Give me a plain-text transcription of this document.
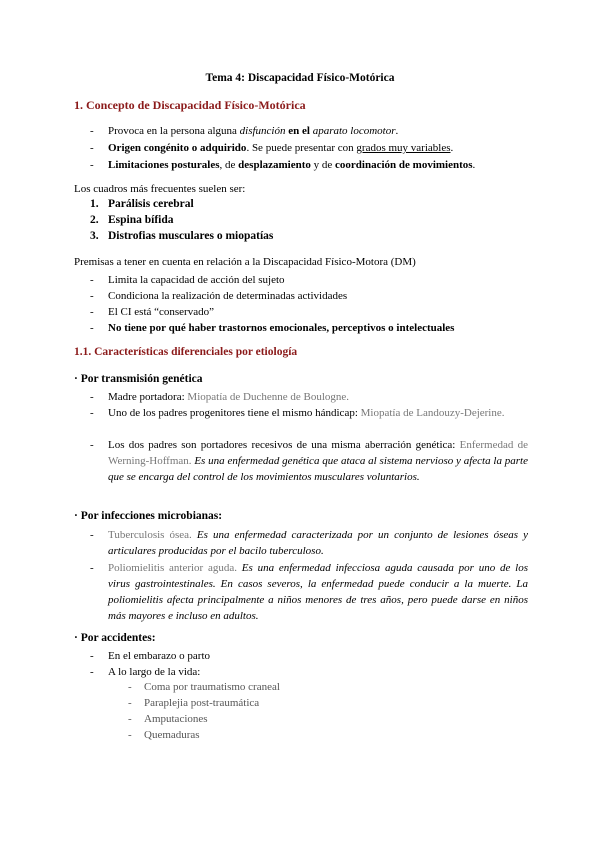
Tema 4: Discapacidad Físico-Motórica
1. Concepto de Discapacidad Físico-Motórica
- Provoca en la persona alguna disfunción en el aparato locomotor.
- Origen congénito o adquirido. Se puede presentar con grados muy variables.
- Limitaciones posturales, de desplazamiento y de coordinación de movimientos.
Los cuadros más frecuentes suelen ser:
1. Parálisis cerebral
2. Espina bífida
3. Distrofias musculares o miopatías
Premisas a tener en cuenta en relación a la Discapacidad Físico-Motora (DM)
- Limita la capacidad de acción del sujeto
- Condiciona la realización de determinadas actividades
- El CI está “conservado”
- No tiene por qué haber trastornos emocionales, perceptivos o intelectuales
1.1. Características diferenciales por etiología
· Por transmisión genética
- Madre portadora: Miopatía de Duchenne de Boulogne.
- Uno de los padres progenitores tiene el mismo hándicap: Miopatía de Landouzy-Dejerine.
- Los dos padres son portadores recesivos de una misma aberración genética: Enfermedad de Werning-Hoffman. Es una enfermedad genética que ataca al sistema nervioso y afecta la parte que se encarga del control de los movimientos musculares voluntarios.
· Por infecciones microbianas:
- Tuberculosis ósea. Es una enfermedad caracterizada por un conjunto de lesiones óseas y articulares producidas por el bacilo tuberculoso.
- Poliomielitis anterior aguda. Es una enfermedad infecciosa aguda causada por uno de los virus gastrointestinales. En casos severos, la enfermedad puede conducir a la muerte. La poliomielitis afecta principalmente a niños menores de tres años, pero puede darse en niños más mayores e incluso en adultos.
· Por accidentes:
- En el embarazo o parto
- A lo largo de la vida:
- Coma por traumatismo craneal
- Paraplejia post-traumática
- Amputaciones
- Quemaduras
